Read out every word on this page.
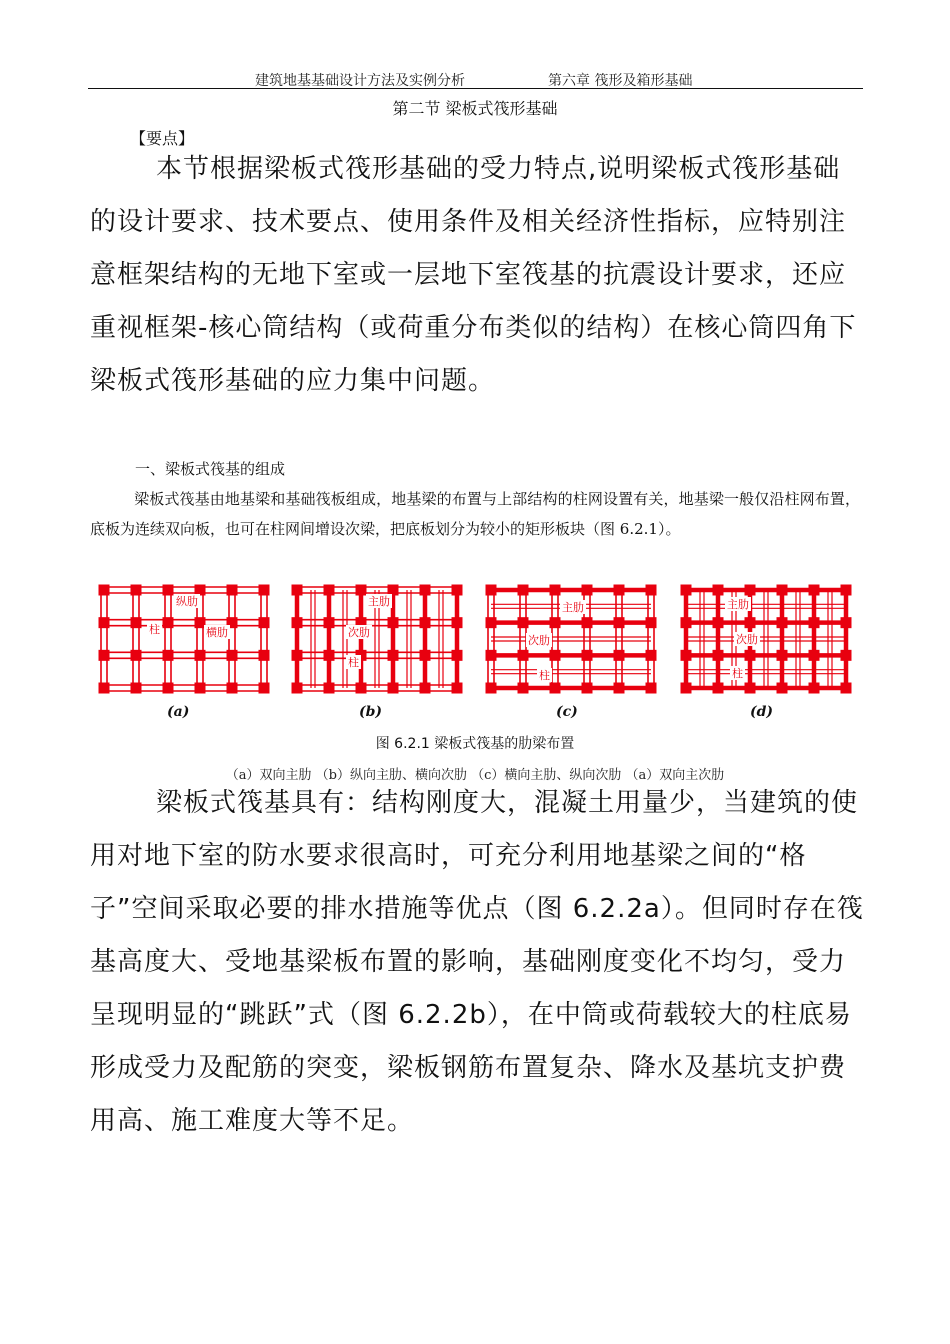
建筑地基基础设计方法及实例分析	第六章 筏形及箱形基础
第二节 梁板式筏形基础
【要点】
本节根据梁板式筏形基础的受力特点,说明梁板式筏形基础的设计要求、技术要点、使用条件及相关经济性指标，应特别注意框架结构的无地下室或一层地下室筏基的抗震设计要求，还应重视框架-核心筒结构（或荷重分布类似的结构）在核心筒四角下梁板式筏形基础的应力集中问题。
一、梁板式筏基的组成
梁板式筏基由地基梁和基础筏板组成，地基梁的布置与上部结构的柱网设置有关，地基梁一般仅沿柱网布置，底板为连续双向板，也可在柱网间增设次梁，把底板划分为较小的矩形板块（图 6.2.1）。
纵肋
柱	横肋
主肋
次肋
柱
主肋
次肋
柱
主肋
次肋
柱
(a)	(b)	(c)	(d)
图 6.2.1 梁板式筏基的肋梁布置
（a）双向主肋 （b）纵向主肋、横向次肋 （c）横向主肋、纵向次肋 （a）双向主次肋
梁板式筏基具有：结构刚度大，混凝土用量少，当建筑的使用对地下室的防水要求很高时，可充分利用地基梁之间的“格子”空间采取必要的排水措施等优点（图 6.2.2a）。但同时存在筏基高度大、受地基梁板布置的影响，基础刚度变化不均匀，受力呈现明显的“跳跃”式（图 6.2.2b），在中筒或荷载较大的柱底易形成受力及配筋的突变，梁板钢筋布置复杂、降水及基坑支护费用高、施工难度大等不足。
